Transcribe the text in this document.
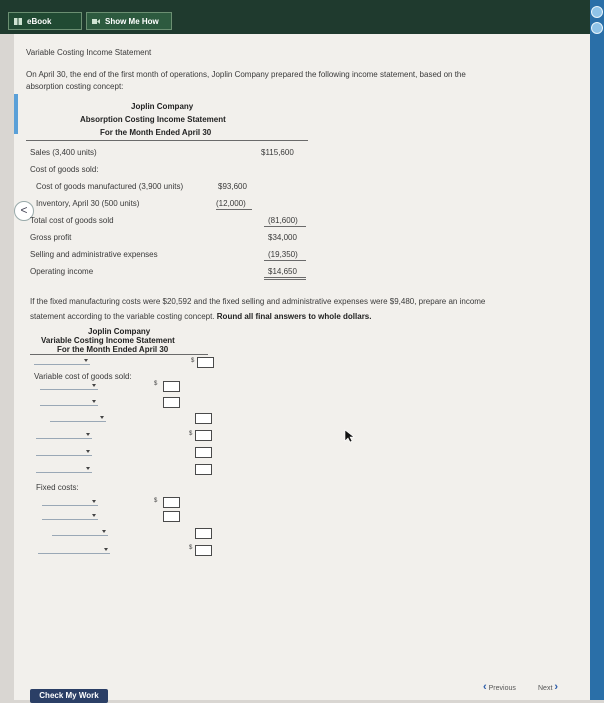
eBook	Show Me How
<
Variable Costing Income Statement
On April 30, the end of the first month of operations, Joplin Company prepared the following income statement, based on the
absorption costing concept:
Joplin Company
Absorption Costing Income Statement
For the Month Ended April 30
Sales (3,400 units)	$115,600
Cost of goods sold:
Cost of goods manufactured (3,900 units)	$93,600
Inventory, April 30 (500 units)	(12,000)
Total cost of goods sold	(81,600)
Gross profit	$34,000
Selling and administrative expenses	(19,350)
Operating income	$14,650
If the fixed manufacturing costs were $20,592 and the fixed selling and administrative expenses were $9,480, prepare an income
statement according to the variable costing concept. Round all final answers to whole dollars.
Joplin Company
Variable Costing Income Statement
For the Month Ended April 30
$
Variable cost of goods sold:
$
$
Fixed costs:
$
$
Check My Work
‹ Previous	Next ›
